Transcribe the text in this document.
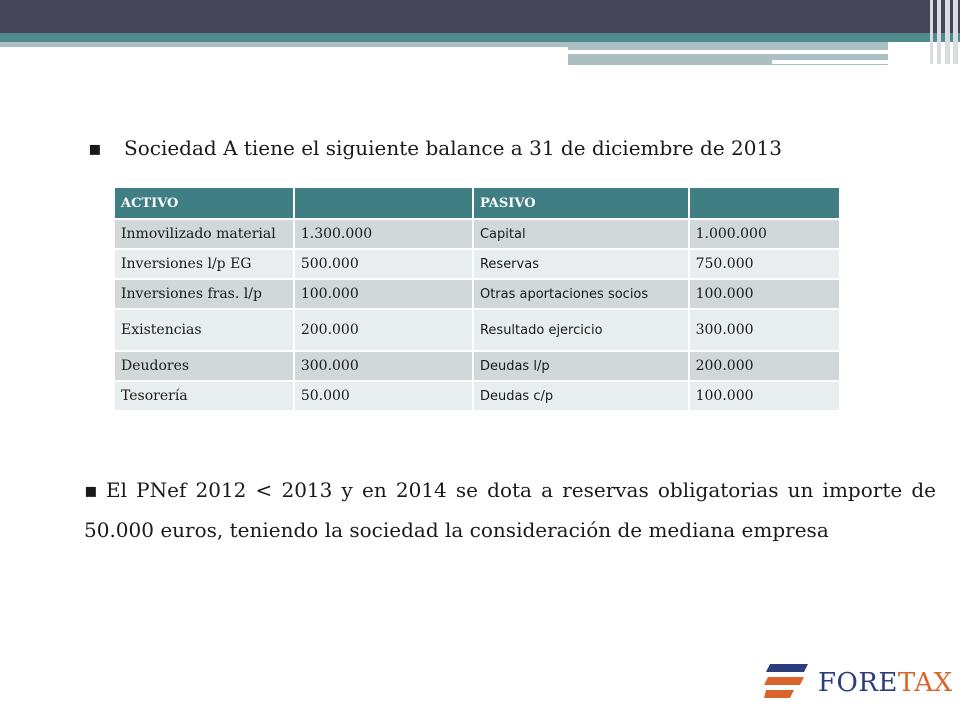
▪ Sociedad A tiene el siguiente balance a 31 de diciembre de 2013
ACTIVO		PASIVO	
Inmovilizado material	1.300.000	Capital	1.000.000
Inversiones l/p EG	500.000	Reservas	750.000
Inversiones fras. l/p	100.000	Otras aportaciones socios	100.000
Existencias	200.000	Resultado ejercicio	300.000
Deudores	300.000	Deudas l/p	200.000
Tesorería	50.000	Deudas c/p	100.000
▪ El PNef 2012 < 2013 y en 2014 se dota a reservas obligatorias un importe de 50.000 euros, teniendo la sociedad la consideración de mediana empresa
FORETAX
